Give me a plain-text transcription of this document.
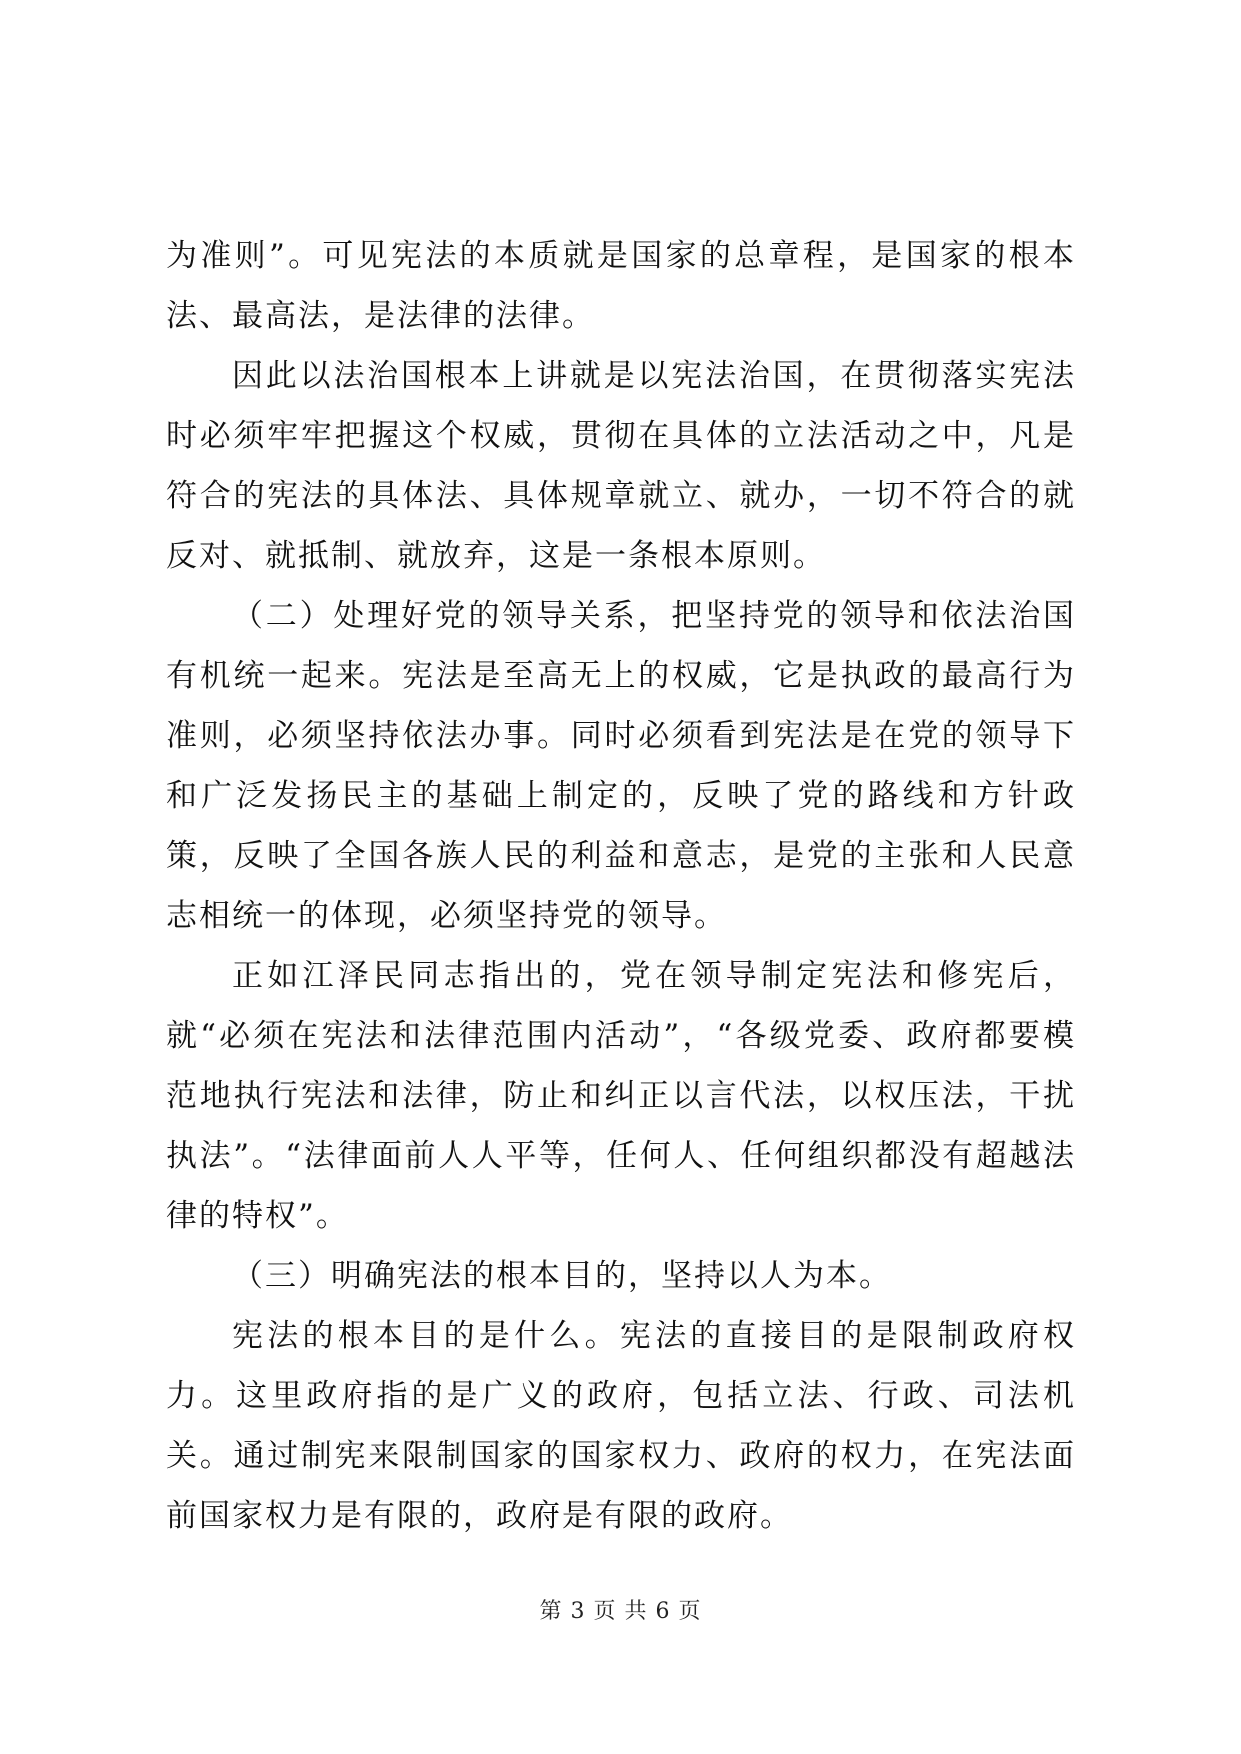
为准则”。可见宪法的本质就是国家的总章程，是国家的根本法、最高法，是法律的法律。

因此以法治国根本上讲就是以宪法治国，在贯彻落实宪法时必须牢牢把握这个权威，贯彻在具体的立法活动之中，凡是符合的宪法的具体法、具体规章就立、就办，一切不符合的就反对、就抵制、就放弃，这是一条根本原则。

（二）处理好党的领导关系，把坚持党的领导和依法治国有机统一起来。宪法是至高无上的权威，它是执政的最高行为准则，必须坚持依法办事。同时必须看到宪法是在党的领导下和广泛发扬民主的基础上制定的，反映了党的路线和方针政策，反映了全国各族人民的利益和意志，是党的主张和人民意志相统一的体现，必须坚持党的领导。

正如江泽民同志指出的，党在领导制定宪法和修宪后，就“必须在宪法和法律范围内活动”，“各级党委、政府都要模范地执行宪法和法律，防止和纠正以言代法，以权压法，干扰执法”。“法律面前人人平等，任何人、任何组织都没有超越法律的特权”。

（三）明确宪法的根本目的，坚持以人为本。

宪法的根本目的是什么。宪法的直接目的是限制政府权力。这里政府指的是广义的政府，包括立法、行政、司法机关。通过制宪来限制国家的国家权力、政府的权力，在宪法面前国家权力是有限的，政府是有限的政府。

第 3 页 共 6 页
